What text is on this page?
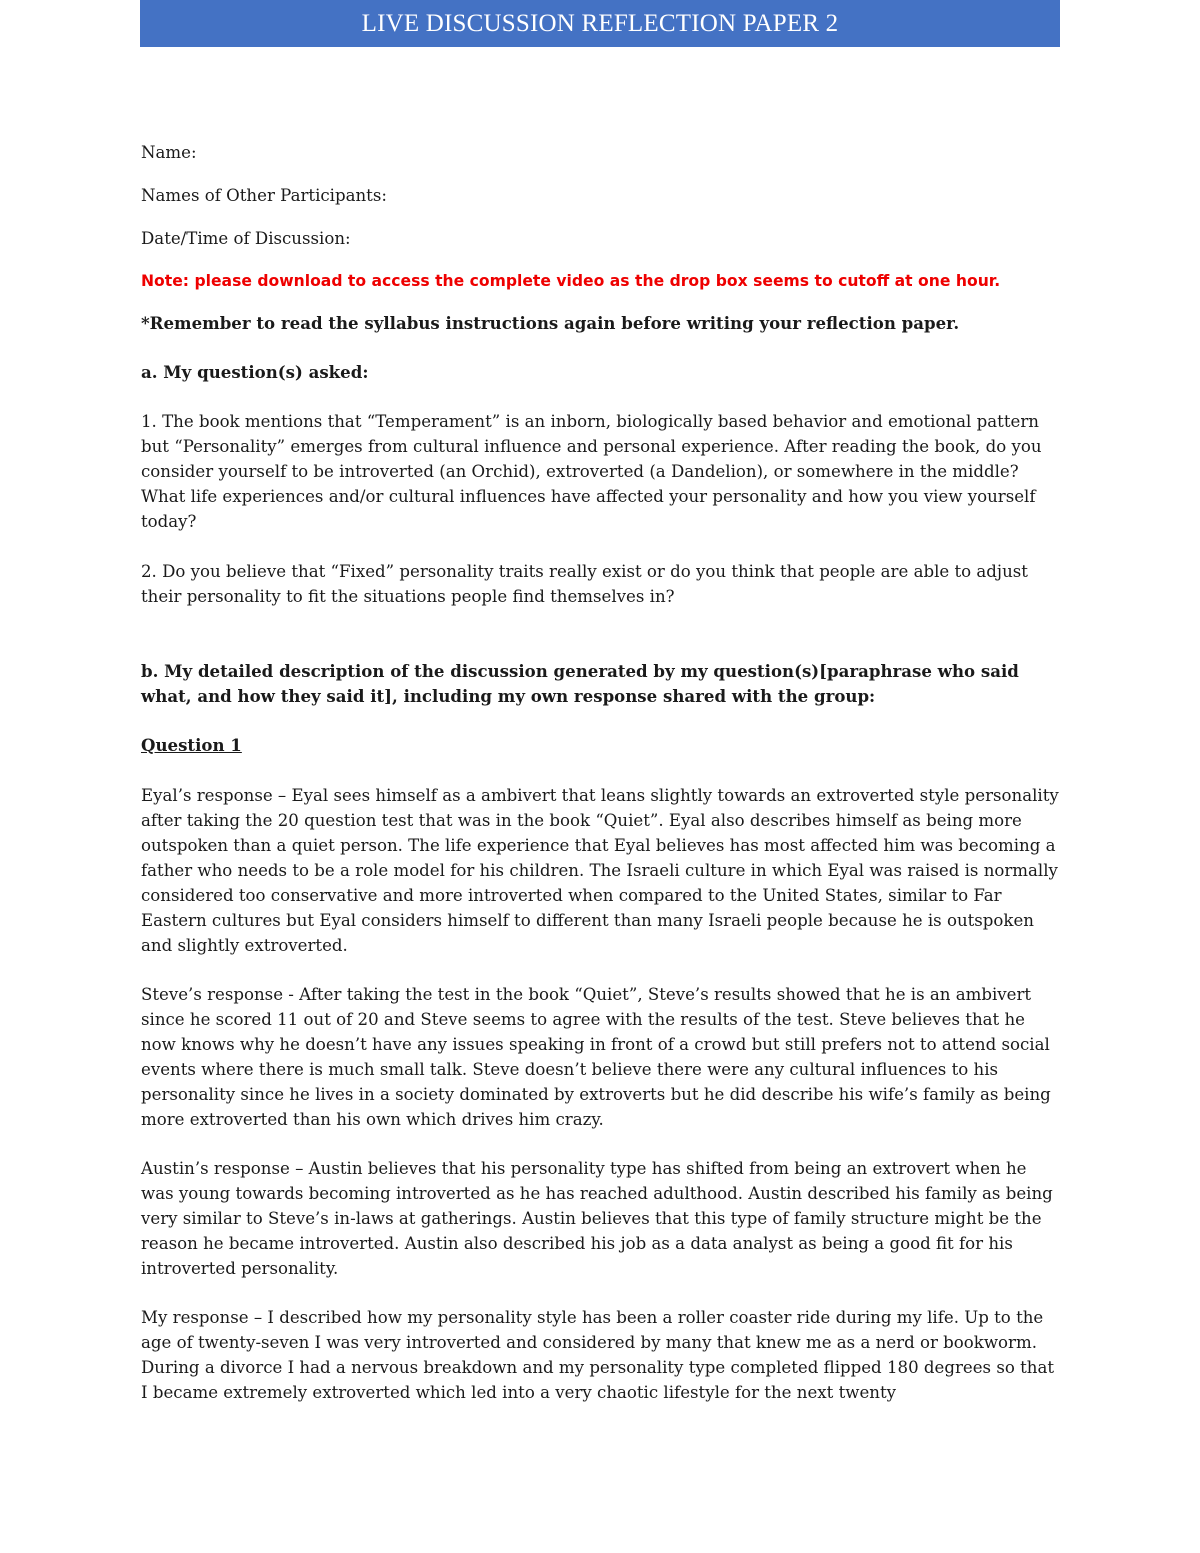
LIVE DISCUSSION REFLECTION PAPER 2

Name:

Names of Other Participants:

Date/Time of Discussion:

Note: please download to access the complete video as the drop box seems to cutoff at one hour.

*Remember to read the syllabus instructions again before writing your reflection paper.

a. My question(s) asked:

1. The book mentions that “Temperament” is an inborn, biologically based behavior and emotional pattern but “Personality” emerges from cultural influence and personal experience. After reading the book, do you consider yourself to be introverted (an Orchid), extroverted (a Dandelion), or somewhere in the middle? What life experiences and/or cultural influences have affected your personality and how you view yourself today?

2. Do you believe that “Fixed” personality traits really exist or do you think that people are able to adjust their personality to fit the situations people find themselves in?

b. My detailed description of the discussion generated by my question(s)[paraphrase who said what, and how they said it], including my own response shared with the group:

Question 1

Eyal’s response – Eyal sees himself as a ambivert that leans slightly towards an extroverted style personality after taking the 20 question test that was in the book “Quiet”. Eyal also describes himself as being more outspoken than a quiet person. The life experience that Eyal believes has most affected him was becoming a father who needs to be a role model for his children. The Israeli culture in which Eyal was raised is normally considered too conservative and more introverted when compared to the United States, similar to Far Eastern cultures but Eyal considers himself to different than many Israeli people because he is outspoken and slightly extroverted.

Steve’s response - After taking the test in the book “Quiet”, Steve’s results showed that he is an ambivert since he scored 11 out of 20 and Steve seems to agree with the results of the test. Steve believes that he now knows why he doesn’t have any issues speaking in front of a crowd but still prefers not to attend social events where there is much small talk. Steve doesn’t believe there were any cultural influences to his personality since he lives in a society dominated by extroverts but he did describe his wife’s family as being more extroverted than his own which drives him crazy.

Austin’s response – Austin believes that his personality type has shifted from being an extrovert when he was young towards becoming introverted as he has reached adulthood. Austin described his family as being very similar to Steve’s in-laws at gatherings. Austin believes that this type of family structure might be the reason he became introverted. Austin also described his job as a data analyst as being a good fit for his introverted personality.

My response – I described how my personality style has been a roller coaster ride during my life. Up to the age of twenty-seven I was very introverted and considered by many that knew me as a nerd or bookworm. During a divorce I had a nervous breakdown and my personality type completed flipped 180 degrees so that I became extremely extroverted which led into a very chaotic lifestyle for the next twenty
